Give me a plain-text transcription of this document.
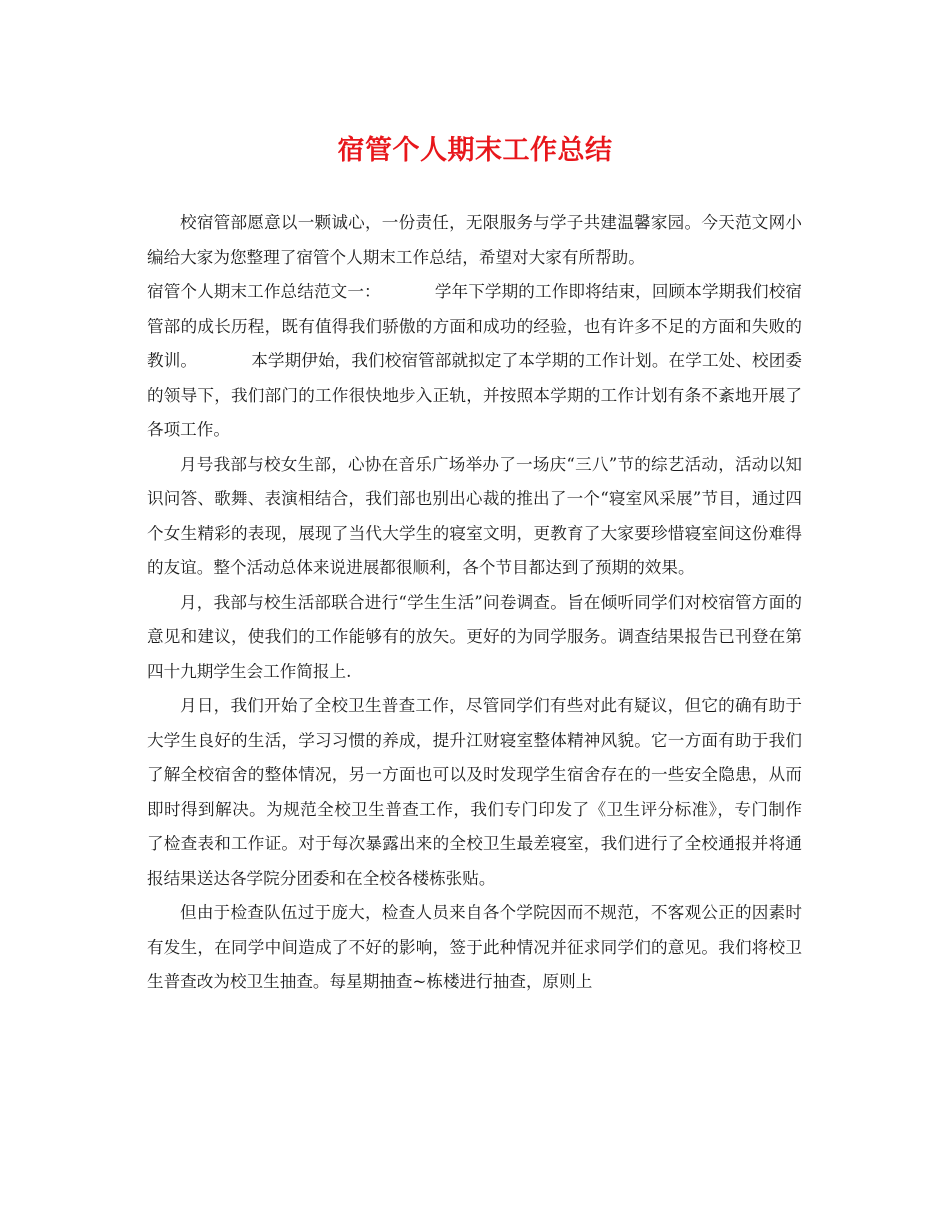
宿管个人期末工作总结

校宿管部愿意以一颗诚心，一份责任，无限服务与学子共建温馨家园。今天范文网小编给大家为您整理了宿管个人期末工作总结，希望对大家有所帮助。

宿管个人期末工作总结范文一：	学年下学期的工作即将结束，回顾本学期我们校宿管部的成长历程，既有值得我们骄傲的方面和成功的经验，也有许多不足的方面和失败的教训。	本学期伊始，我们校宿管部就拟定了本学期的工作计划。在学工处、校团委的领导下，我们部门的工作很快地步入正轨，并按照本学期的工作计划有条不紊地开展了各项工作。

月号我部与校女生部，心协在音乐广场举办了一场庆“三八”节的综艺活动，活动以知识问答、歌舞、表演相结合，我们部也别出心裁的推出了一个“寝室风采展”节目，通过四个女生精彩的表现，展现了当代大学生的寝室文明，更教育了大家要珍惜寝室间这份难得的友谊。整个活动总体来说进展都很顺利，各个节目都达到了预期的效果。

月，我部与校生活部联合进行“学生生活”问卷调查。旨在倾听同学们对校宿管方面的意见和建议，使我们的工作能够有的放矢。更好的为同学服务。调查结果报告已刊登在第四十九期学生会工作简报上.

月日，我们开始了全校卫生普查工作，尽管同学们有些对此有疑议，但它的确有助于大学生良好的生活，学习习惯的养成，提升江财寝室整体精神风貌。它一方面有助于我们了解全校宿舍的整体情况，另一方面也可以及时发现学生宿舍存在的一些安全隐患，从而即时得到解决。为规范全校卫生普查工作，我们专门印发了《卫生评分标准》，专门制作了检查表和工作证。对于每次暴露出来的全校卫生最差寝室，我们进行了全校通报并将通报结果送达各学院分团委和在全校各楼栋张贴。

但由于检查队伍过于庞大，检查人员来自各个学院因而不规范，不客观公正的因素时有发生，在同学中间造成了不好的影响，签于此种情况并征求同学们的意见。我们将校卫生普查改为校卫生抽查。每星期抽查~栋楼进行抽查，原则上
